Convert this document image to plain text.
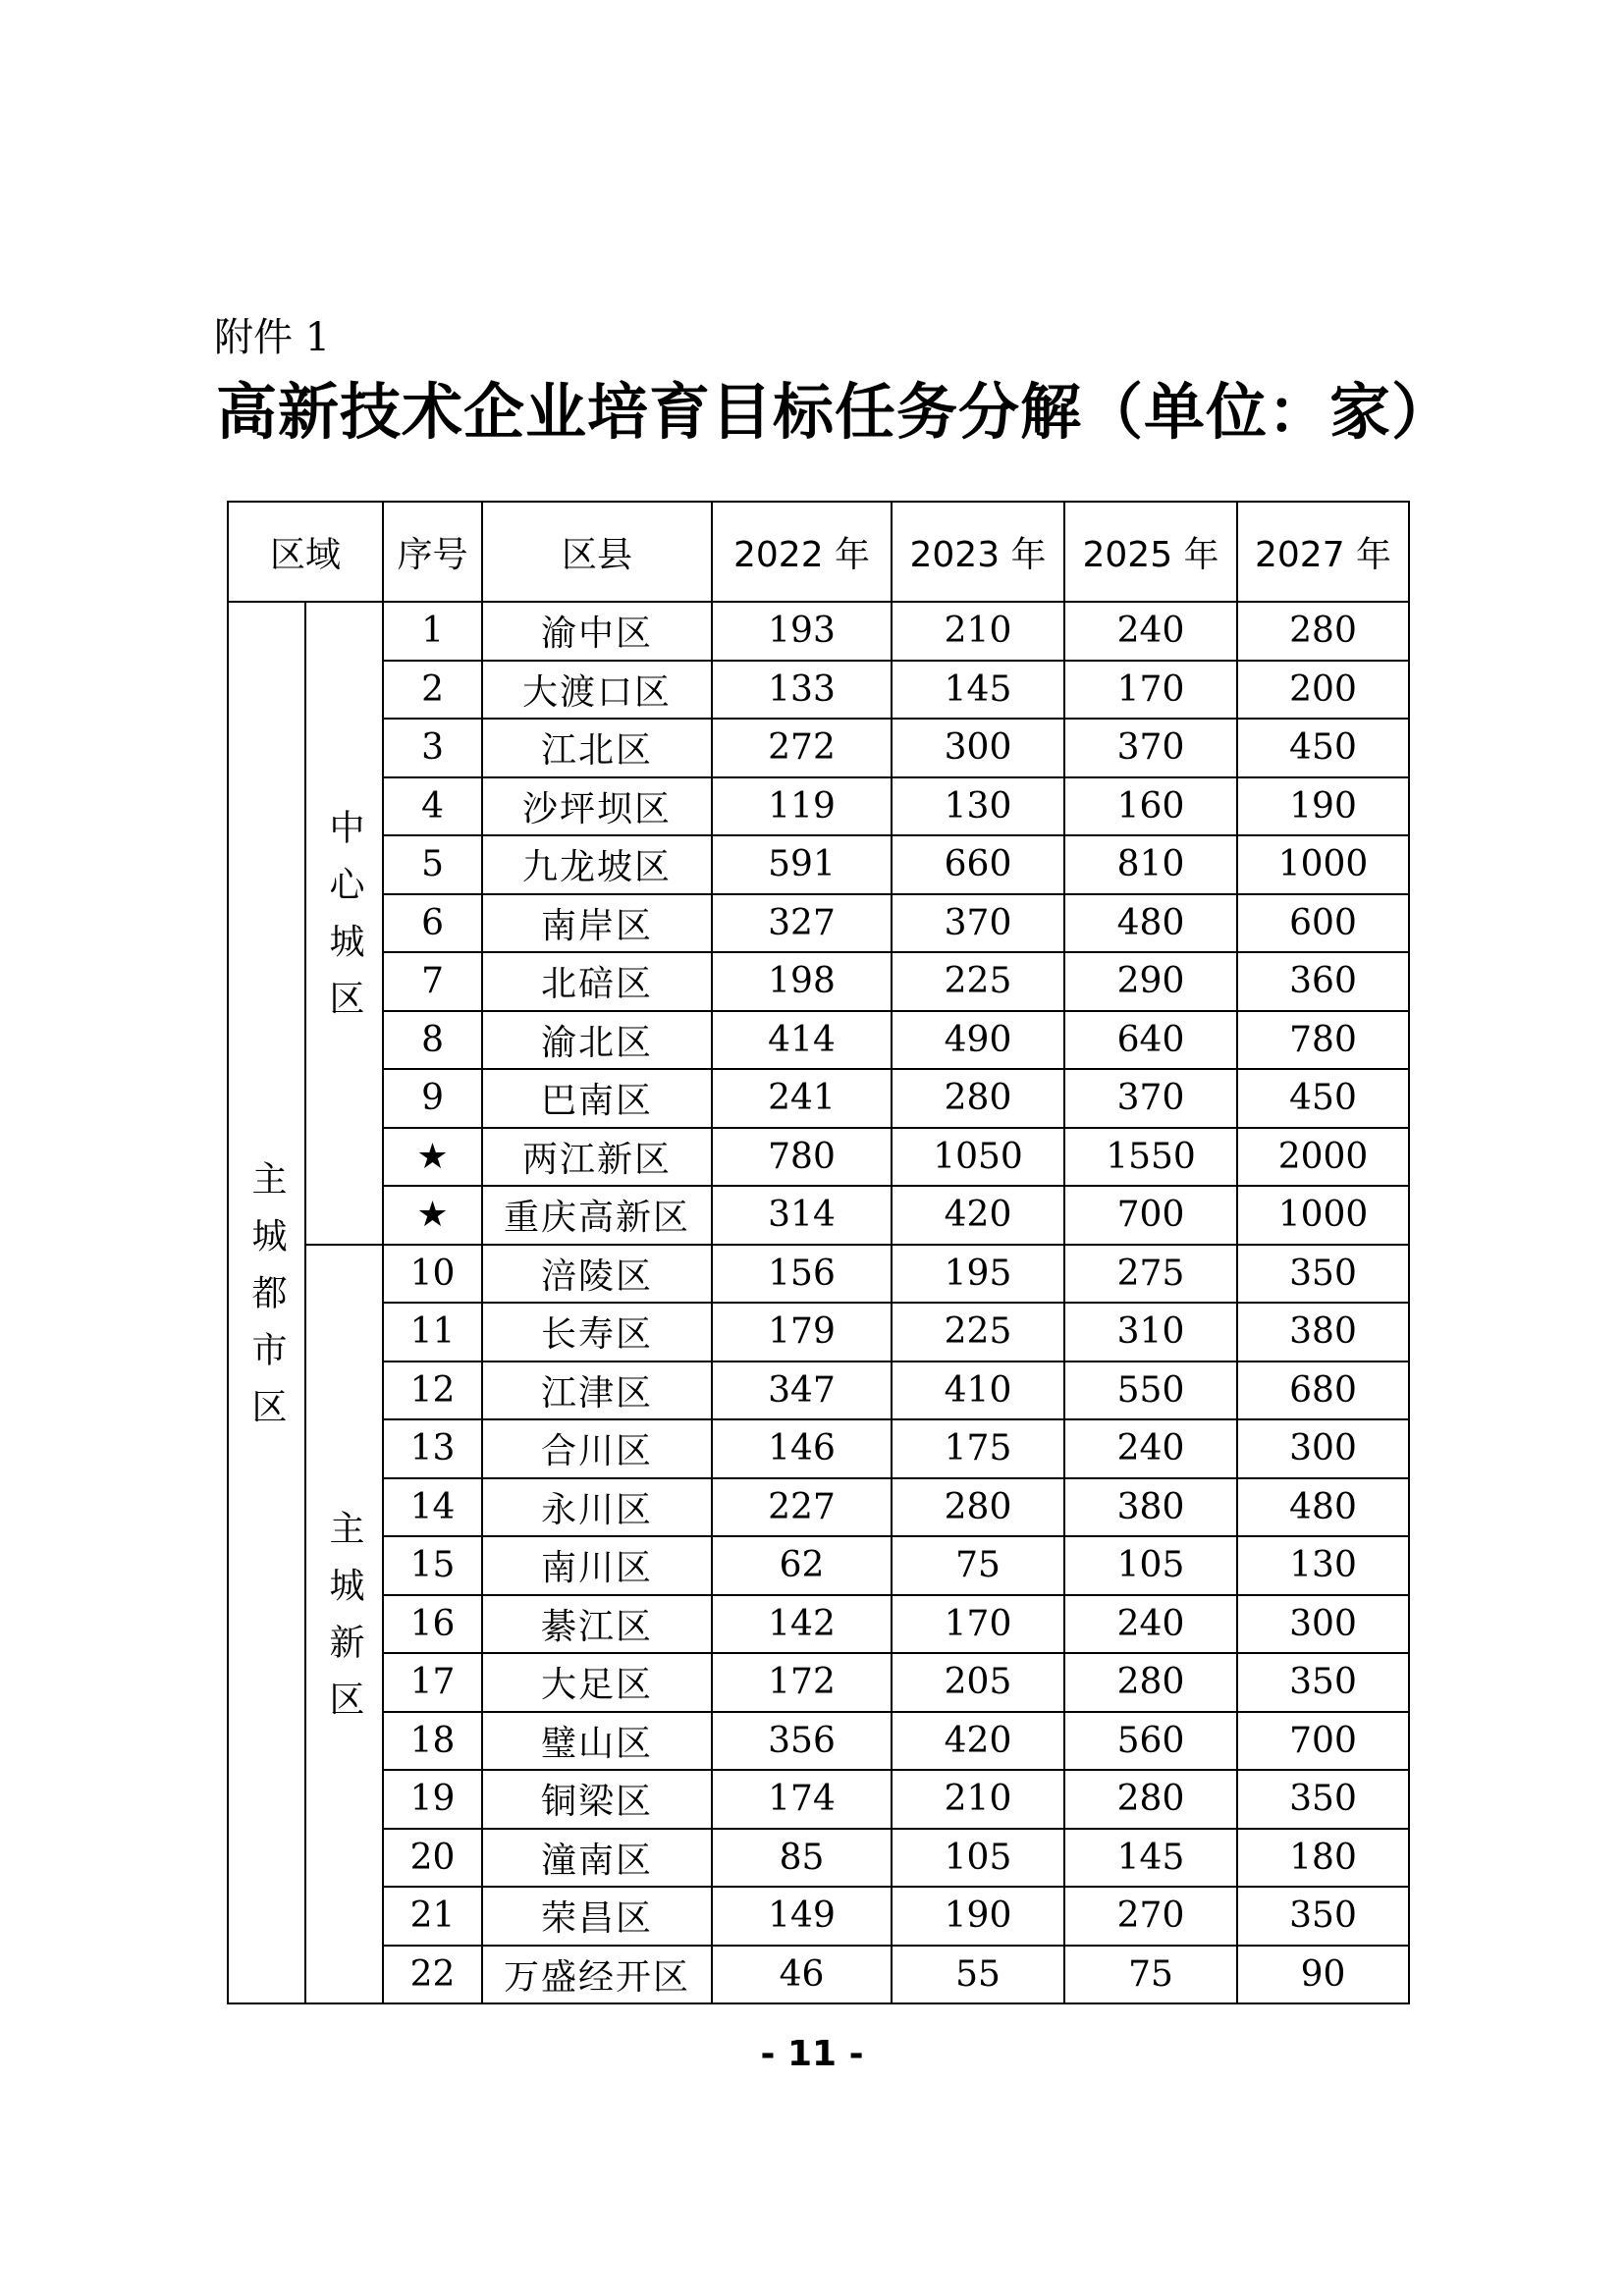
附件 1
高新技术企业培育目标任务分解（单位：家）
区域		序号	区县	2022 年	2023 年	2025 年	2027 年

主城都市区	中心城区	1	渝中区	193	210	240	280
		2	大渡口区	133	145	170	200
		3	江北区	272	300	370	450
		4	沙坪坝区	119	130	160	190
		5	九龙坡区	591	660	810	1000
		6	南岸区	327	370	480	600
		7	北碚区	198	225	290	360
		8	渝北区	414	490	640	780
		9	巴南区	241	280	370	450
		★	两江新区	780	1050	1550	2000
		★	重庆高新区	314	420	700	1000

	主城新区	10	涪陵区	156	195	275	350
		11	长寿区	179	225	310	380
		12	江津区	347	410	550	680
		13	合川区	146	175	240	300
		14	永川区	227	280	380	480
		15	南川区	62	75	105	130
		16	綦江区	142	170	240	300
		17	大足区	172	205	280	350
		18	璧山区	356	420	560	700
		19	铜梁区	174	210	280	350
		20	潼南区	85	105	145	180
		21	荣昌区	149	190	270	350
		22	万盛经开区	46	55	75	90
- 11 -
